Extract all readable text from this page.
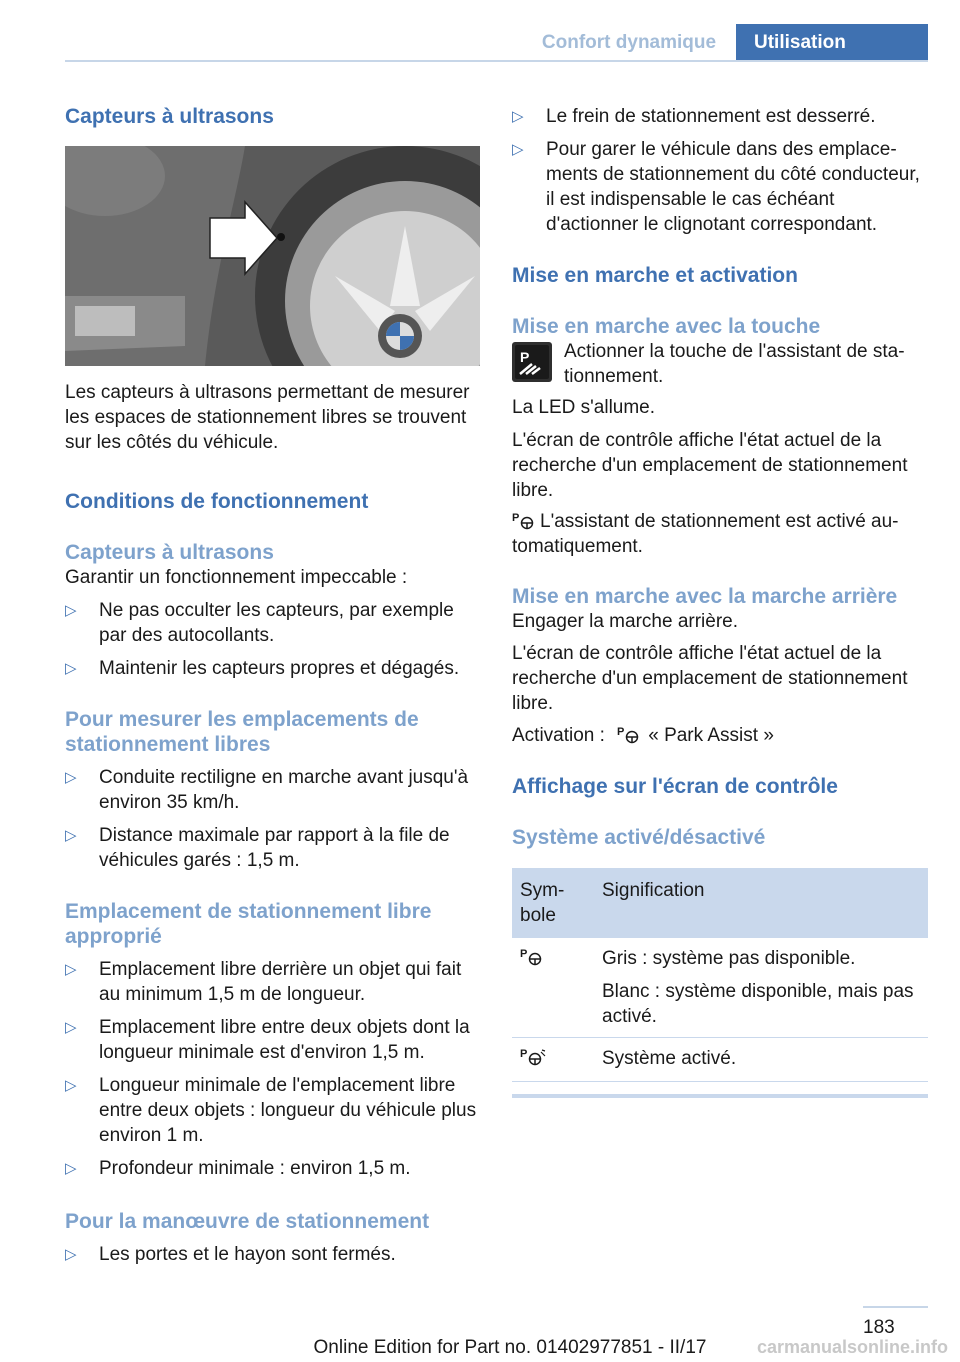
Confort dynamique	Utilisation
Capteurs à ultrasons

Les capteurs à ultrasons permettant de mesurer les espaces de stationnement libres se trouvent sur les côtés du véhicule.

Conditions de fonctionnement
Capteurs à ultrasons

Garantir un fonctionnement impeccable :

▷ Ne pas occulter les capteurs, par exemple par des autocollants.
▷ Maintenir les capteurs propres et dégagés.
Pour mesurer les emplacements de stationnement libres
▷ Conduite rectiligne en marche avant jusqu'à environ 35 km/h.
▷ Distance maximale par rapport à la file de véhicules garés : 1,5 m.
Emplacement de stationnement libre approprié
▷ Emplacement libre derrière un objet qui fait au minimum 1,5 m de longueur.
▷ Emplacement libre entre deux objets dont la longueur minimale est d'environ 1,5 m.
▷ Longueur minimale de l'emplacement libre entre deux objets : longueur du véhicule plus environ 1 m.
▷ Profondeur minimale : environ 1,5 m.
Pour la manœuvre de stationnement
▷ Les portes et le hayon sont fermés.
▷ Le frein de stationnement est desserré.
▷ Pour garer le véhicule dans des emplacements de stationnement du côté conducteur, il est indispensable le cas échéant d'actionner le clignotant correspondant.
Mise en marche et activation
Mise en marche avec la touche
P Actionner la touche de l'assistant de stationnement.

La LED s'allume.

L'écran de contrôle affiche l'état actuel de la recherche d'un emplacement de stationnement libre.

P L'assistant de stationnement est activé automatiquement.

Mise en marche avec la marche arrière

Engager la marche arrière.

L'écran de contrôle affiche l'état actuel de la recherche d'un emplacement de stationnement libre.

Activation : P « Park Assist »

Affichage sur l'écran de contrôle
Système activé/désactivé
Symbole	Signification

P	Gris : système pas disponible.

Blanc : système disponible, mais pas activé.

P	Système activé.
183
Online Edition for Part no. 01402977851 - II/17	carmanualsonline.info
